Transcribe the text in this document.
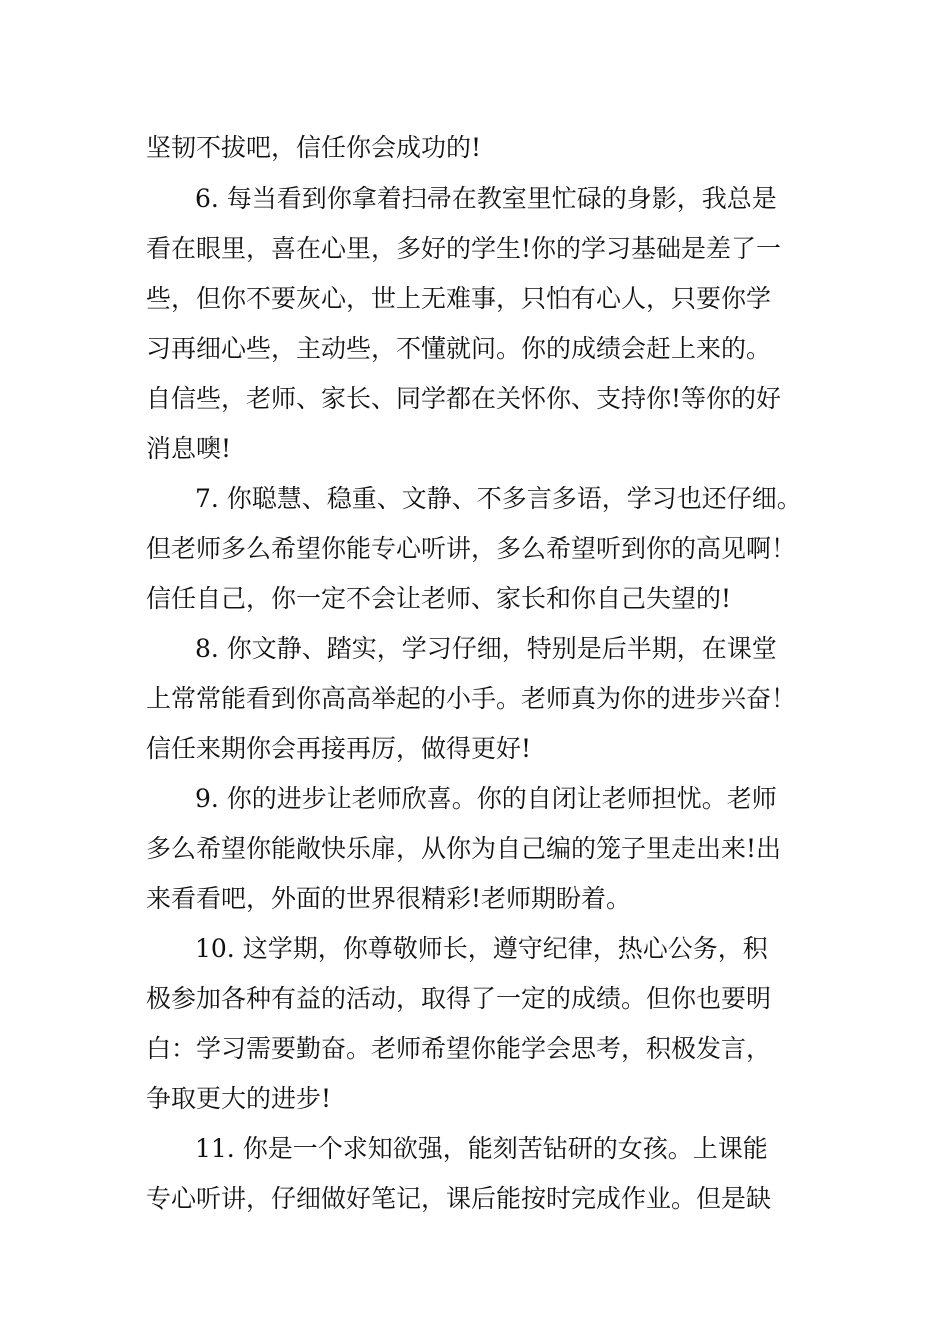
坚韧不拔吧，信任你会成功的!
6. 每当看到你拿着扫帚在教室里忙碌的身影，我总是
看在眼里，喜在心里，多好的学生!你的学习基础是差了一
些，但你不要灰心，世上无难事，只怕有心人，只要你学
习再细心些，主动些，不懂就问。你的成绩会赶上来的。
自信些，老师、家长、同学都在关怀你、支持你!等你的好
消息噢!
7. 你聪慧、稳重、文静、不多言多语，学习也还仔细。
但老师多么希望你能专心听讲，多么希望听到你的高见啊！
信任自己，你一定不会让老师、家长和你自己失望的!
8. 你文静、踏实，学习仔细，特别是后半期，在课堂
上常常能看到你高高举起的小手。老师真为你的进步兴奋！
信任来期你会再接再厉，做得更好!
9. 你的进步让老师欣喜。你的自闭让老师担忧。老师
多么希望你能敞快乐扉，从你为自己编的笼子里走出来!出
来看看吧，外面的世界很精彩!老师期盼着。
10. 这学期，你尊敬师长，遵守纪律，热心公务，积
极参加各种有益的活动，取得了一定的成绩。但你也要明
白：学习需要勤奋。老师希望你能学会思考，积极发言，
争取更大的进步!
11. 你是一个求知欲强，能刻苦钻研的女孩。上课能
专心听讲，仔细做好笔记，课后能按时完成作业。但是缺
